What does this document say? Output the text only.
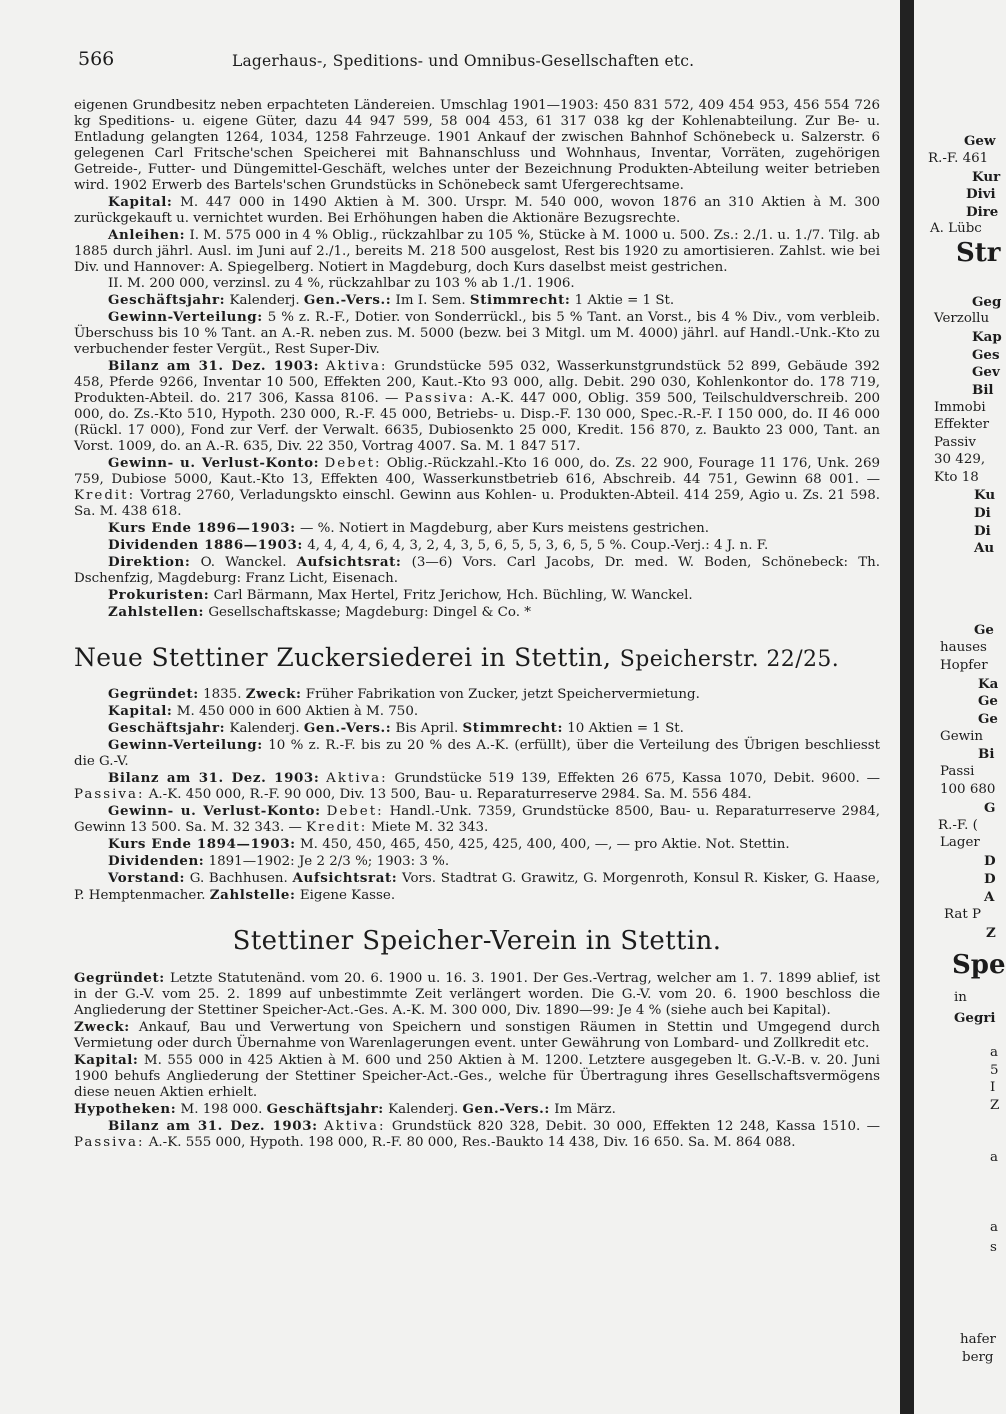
566	Lagerhaus-, Speditions- und Omnibus-Gesellschaften etc.

eigenen Grundbesitz neben erpachteten Ländereien. Umschlag 1901—1903: 450 831 572, 409 454 953, 456 554 726 kg Speditions- u. eigene Güter, dazu 44 947 599, 58 004 453, 61 317 038 kg der Kohlenabteilung. Zur Be- u. Entladung gelangten 1264, 1034, 1258 Fahrzeuge. 1901 Ankauf der zwischen Bahnhof Schönebeck u. Salzerstr. 6 gelegenen Carl Fritsche'schen Speicherei mit Bahnanschluss und Wohnhaus, Inventar, Vorräten, zugehörigen Getreide-, Futter- und Düngemittel-Geschäft, welches unter der Bezeichnung Produkten-Abteilung weiter betrieben wird. 1902 Erwerb des Bartels'schen Grundstücks in Schönebeck samt Ufergerechtsame.

Kapital: M. 447 000 in 1490 Aktien à M. 300. Urspr. M. 540 000, wovon 1876 an 310 Aktien à M. 300 zurückgekauft u. vernichtet wurden. Bei Erhöhungen haben die Aktionäre Bezugsrechte.

Anleihen: I. M. 575 000 in 4 % Oblig., rückzahlbar zu 105 %, Stücke à M. 1000 u. 500. Zs.: 2./1. u. 1./7. Tilg. ab 1885 durch jährl. Ausl. im Juni auf 2./1., bereits M. 218 500 ausgelost, Rest bis 1920 zu amortisieren. Zahlst. wie bei Div. und Hannover: A. Spiegelberg. Notiert in Magdeburg, doch Kurs daselbst meist gestrichen.

II. M. 200 000, verzinsl. zu 4 %, rückzahlbar zu 103 % ab 1./1. 1906.

Geschäftsjahr: Kalenderj. Gen.-Vers.: Im I. Sem. Stimmrecht: 1 Aktie = 1 St.

Gewinn-Verteilung: 5 % z. R.-F., Dotier. von Sonderrückl., bis 5 % Tant. an Vorst., bis 4 % Div., vom verbleib. Überschuss bis 10 % Tant. an A.-R. neben zus. M. 5000 (bezw. bei 3 Mitgl. um M. 4000) jährl. auf Handl.-Unk.-Kto zu verbuchender fester Vergüt., Rest Super-Div.

Bilanz am 31. Dez. 1903: Aktiva: Grundstücke 595 032, Wasserkunstgrundstück 52 899, Gebäude 392 458, Pferde 9266, Inventar 10 500, Effekten 200, Kaut.-Kto 93 000, allg. Debit. 290 030, Kohlenkontor do. 178 719, Produkten-Abteil. do. 217 306, Kassa 8106. — Passiva: A.-K. 447 000, Oblig. 359 500, Teilschuldverschreib. 200 000, do. Zs.-Kto 510, Hypoth. 230 000, R.-F. 45 000, Betriebs- u. Disp.-F. 130 000, Spec.-R.-F. I 150 000, do. II 46 000 (Rückl. 17 000), Fond zur Verf. der Verwalt. 6635, Dubiosenkto 25 000, Kredit. 156 870, z. Baukto 23 000, Tant. an Vorst. 1009, do. an A.-R. 635, Div. 22 350, Vortrag 4007. Sa. M. 1 847 517.

Gewinn- u. Verlust-Konto: Debet: Oblig.-Rückzahl.-Kto 16 000, do. Zs. 22 900, Fourage 11 176, Unk. 269 759, Dubiose 5000, Kaut.-Kto 13, Effekten 400, Wasserkunstbetrieb 616, Abschreib. 44 751, Gewinn 68 001. — Kredit: Vortrag 2760, Verladungskto einschl. Gewinn aus Kohlen- u. Produkten-Abteil. 414 259, Agio u. Zs. 21 598. Sa. M. 438 618.

Kurs Ende 1896—1903: — %. Notiert in Magdeburg, aber Kurs meistens gestrichen.

Dividenden 1886—1903: 4, 4, 4, 4, 6, 4, 3, 2, 4, 3, 5, 6, 5, 5, 3, 6, 5, 5 %. Coup.-Verj.: 4 J. n. F.

Direktion: O. Wanckel. Aufsichtsrat: (3—6) Vors. Carl Jacobs, Dr. med. W. Boden, Schönebeck: Th. Dschenfzig, Magdeburg: Franz Licht, Eisenach.

Prokuristen: Carl Bärmann, Max Hertel, Fritz Jerichow, Hch. Büchling, W. Wanckel.

Zahlstellen: Gesellschaftskasse; Magdeburg: Dingel & Co. *

Neue Stettiner Zuckersiederei in Stettin, Speicherstr. 22/25.

Gegründet: 1835. Zweck: Früher Fabrikation von Zucker, jetzt Speichervermietung.

Kapital: M. 450 000 in 600 Aktien à M. 750.

Geschäftsjahr: Kalenderj. Gen.-Vers.: Bis April. Stimmrecht: 10 Aktien = 1 St.

Gewinn-Verteilung: 10 % z. R.-F. bis zu 20 % des A.-K. (erfüllt), über die Verteilung des Übrigen beschliesst die G.-V.

Bilanz am 31. Dez. 1903: Aktiva: Grundstücke 519 139, Effekten 26 675, Kassa 1070, Debit. 9600. — Passiva: A.-K. 450 000, R.-F. 90 000, Div. 13 500, Bau- u. Reparaturreserve 2984. Sa. M. 556 484.

Gewinn- u. Verlust-Konto: Debet: Handl.-Unk. 7359, Grundstücke 8500, Bau- u. Reparaturreserve 2984, Gewinn 13 500. Sa. M. 32 343. — Kredit: Miete M. 32 343.

Kurs Ende 1894—1903: M. 450, 450, 465, 450, 425, 425, 400, 400, —, — pro Aktie. Not. Stettin.

Dividenden: 1891—1902: Je 2 2/3 %; 1903: 3 %.

Vorstand: G. Bachhusen. Aufsichtsrat: Vors. Stadtrat G. Grawitz, G. Morgenroth, Konsul R. Kisker, G. Haase, P. Hemptenmacher. Zahlstelle: Eigene Kasse.

Stettiner Speicher-Verein in Stettin.

Gegründet: Letzte Statutenänd. vom 20. 6. 1900 u. 16. 3. 1901. Der Ges.-Vertrag, welcher am 1. 7. 1899 ablief, ist in der G.-V. vom 25. 2. 1899 auf unbestimmte Zeit verlängert worden. Die G.-V. vom 20. 6. 1900 beschloss die Angliederung der Stettiner Speicher-Act.-Ges. A.-K. M. 300 000, Div. 1890—99: Je 4 % (siehe auch bei Kapital).

Zweck: Ankauf, Bau und Verwertung von Speichern und sonstigen Räumen in Stettin und Umgegend durch Vermietung oder durch Übernahme von Warenlagerungen event. unter Gewährung von Lombard- und Zollkredit etc.

Kapital: M. 555 000 in 425 Aktien à M. 600 und 250 Aktien à M. 1200. Letztere ausgegeben lt. G.-V.-B. v. 20. Juni 1900 behufs Angliederung der Stettiner Speicher-Act.-Ges., welche für Übertragung ihres Gesellschaftsvermögens diese neuen Aktien erhielt.

Hypotheken: M. 198 000. Geschäftsjahr: Kalenderj. Gen.-Vers.: Im März.

Bilanz am 31. Dez. 1903: Aktiva: Grundstück 820 328, Debit. 30 000, Effekten 12 248, Kassa 1510. — Passiva: A.-K. 555 000, Hypoth. 198 000, R.-F. 80 000, Res.-Baukto 14 438, Div. 16 650. Sa. M. 864 088.

Gew
R.-F. 461
Kur
Divi
Dire
A. Lübc
Str
Geg
Verzollu
Kap
Ges
Gev
Bil
Immobi
Effekter
Passiv
30 429,
Kto 18
Ku
Di
Di
Au
Ge
hauses
Hopfer
Ka
Ge
Ge
Gewin
Bi
Passi
100 680
G
R.-F. (
Lager
D
D
A
Rat P
Z
Spe
in
Gegri
a
5
I
Z
a
a
s
hafer
berg
